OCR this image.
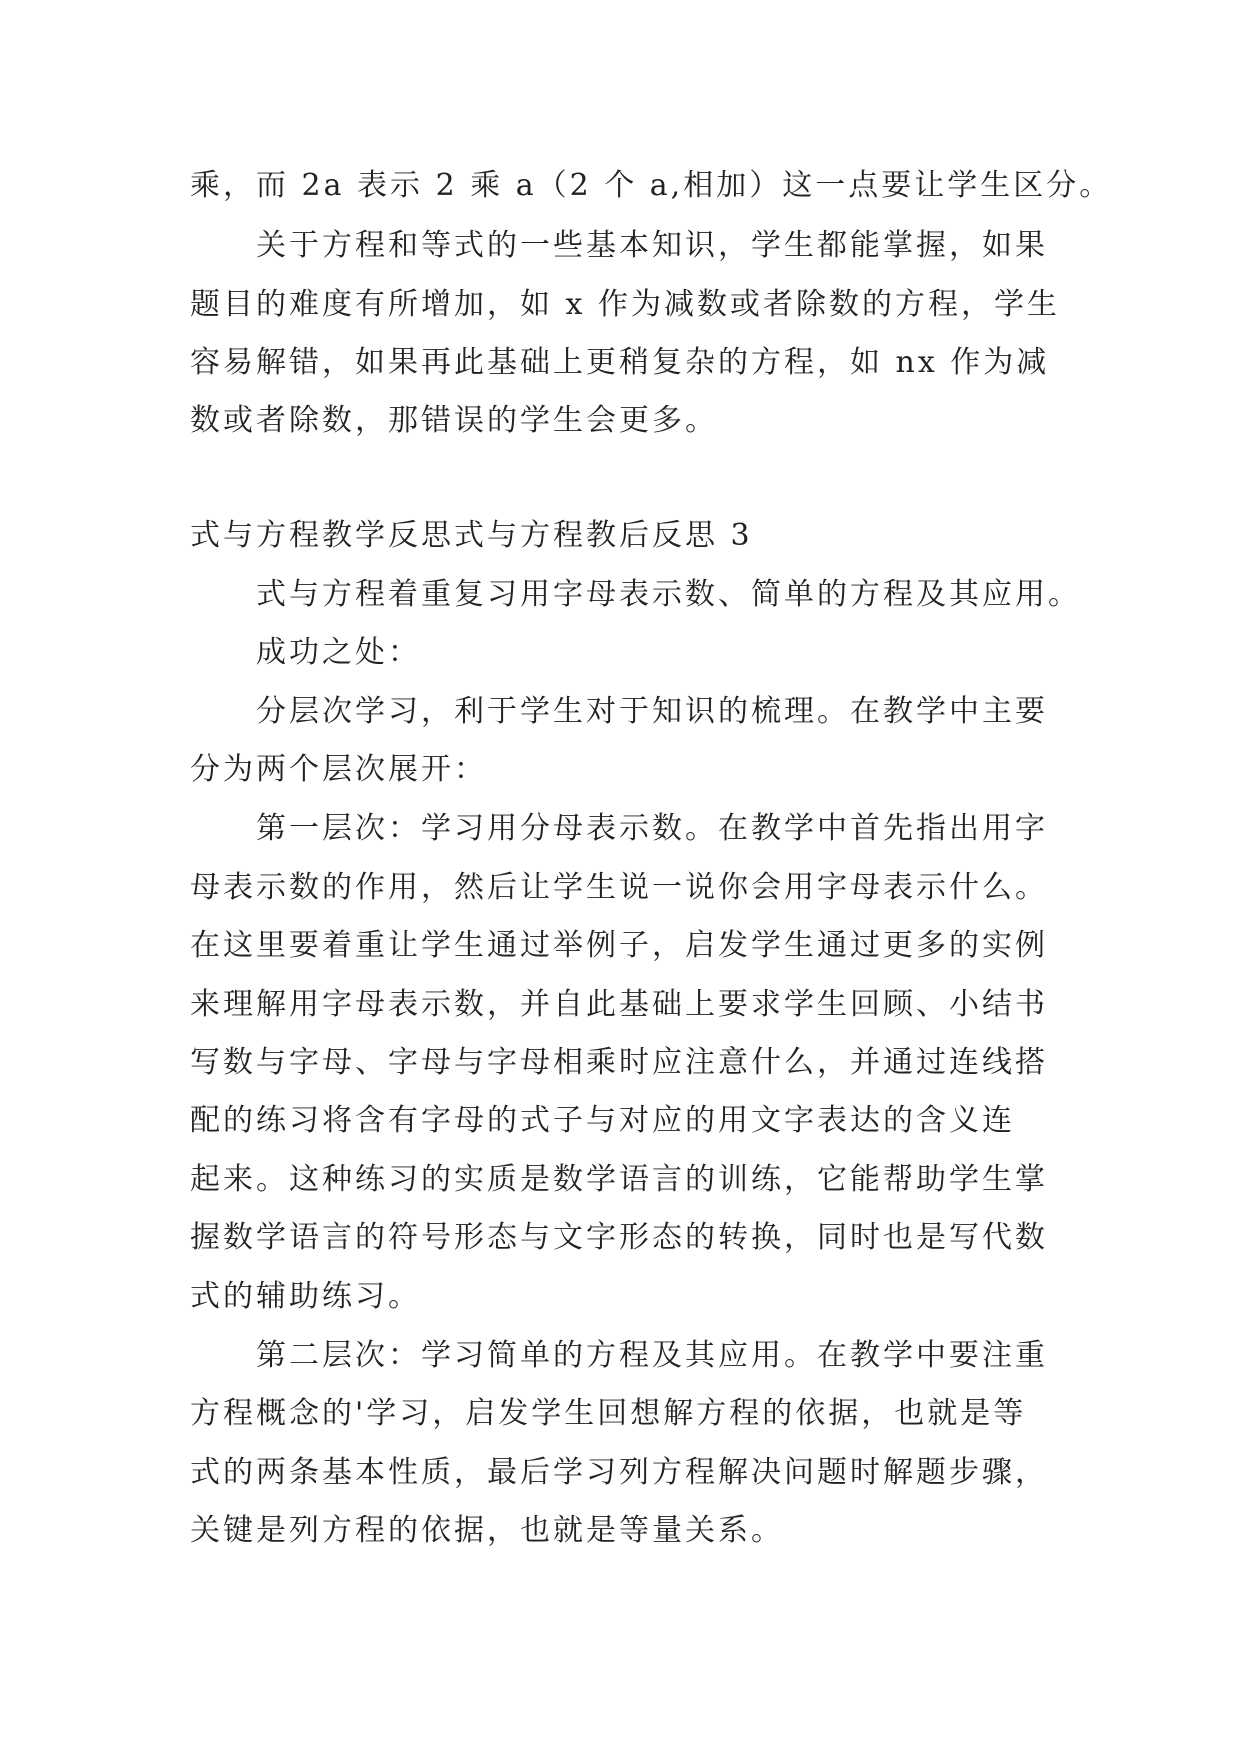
乘，而 2a 表示 2 乘 a（2 个 a,相加）这一点要让学生区分。
关于方程和等式的一些基本知识，学生都能掌握，如果
题目的难度有所增加，如 x 作为减数或者除数的方程，学生
容易解错，如果再此基础上更稍复杂的方程，如 nx 作为减
数或者除数，那错误的学生会更多。
式与方程教学反思式与方程教后反思 3
式与方程着重复习用字母表示数、简单的方程及其应用。
成功之处：
分层次学习，利于学生对于知识的梳理。在教学中主要
分为两个层次展开：
第一层次：学习用分母表示数。在教学中首先指出用字
母表示数的作用，然后让学生说一说你会用字母表示什么。
在这里要着重让学生通过举例子，启发学生通过更多的实例
来理解用字母表示数，并自此基础上要求学生回顾、小结书
写数与字母、字母与字母相乘时应注意什么，并通过连线搭
配的练习将含有字母的式子与对应的用文字表达的含义连
起来。这种练习的实质是数学语言的训练，它能帮助学生掌
握数学语言的符号形态与文字形态的转换，同时也是写代数
式的辅助练习。
第二层次：学习简单的方程及其应用。在教学中要注重
方程概念的'学习，启发学生回想解方程的依据，也就是等
式的两条基本性质，最后学习列方程解决问题时解题步骤，
关键是列方程的依据，也就是等量关系。
